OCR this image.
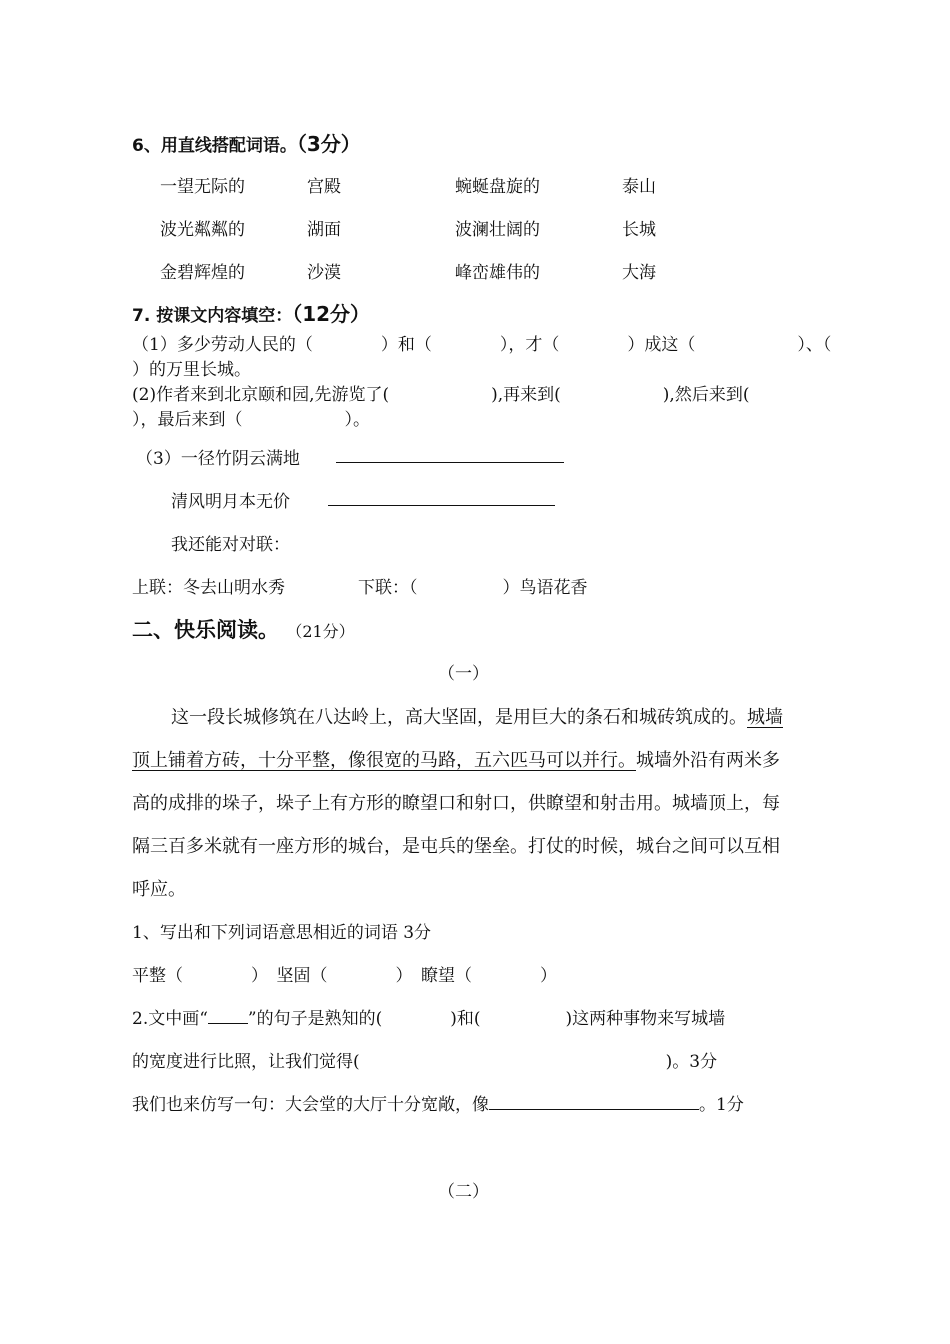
6、用直线搭配词语。（3分）
一望无际的	宫殿	蜿蜒盘旋的	泰山
波光粼粼的	湖面	波澜壮阔的	长城
金碧辉煌的	沙漠	峰峦雄伟的	大海
7. 按课文内容填空：（12分）
（1）多少劳动人民的（　　　　）和（　　　　），才（　　　　）成这（　　　　　　）、（
）的万里长城。
(2)作者来到北京颐和园,先游览了(　　　　　　),再来到(　　　　　　),然后来到(
），最后来到（　　　　　　）。
（3）一径竹阴云满地
清风明月本无价
我还能对对联：
上联：冬去山明水秀	下联：（　　　　　）鸟语花香
二、快乐阅读。 （21分）
（一）
这一段长城修筑在八达岭上，高大坚固，是用巨大的条石和城砖筑成的。城墙
顶上铺着方砖，十分平整，像很宽的马路，五六匹马可以并行。城墙外沿有两米多
高的成排的垛子，垛子上有方形的瞭望口和射口，供瞭望和射击用。城墙顶上，每
隔三百多米就有一座方形的城台，是屯兵的堡垒。打仗的时候，城台之间可以互相
呼应。
1、写出和下列词语意思相近的词语 3分
平整（　　　　）　坚固（　　　　）　瞭望（　　　　）
2.文中画“ ”的句子是熟知的(　　　　)和(　　　　　)这两种事物来写城墙
的宽度进行比照，让我们觉得(　　　　　　　　　　　　　　　　　　)。3分
我们也来仿写一句：大会堂的大厅十分宽敞，像	。1分
（二）
